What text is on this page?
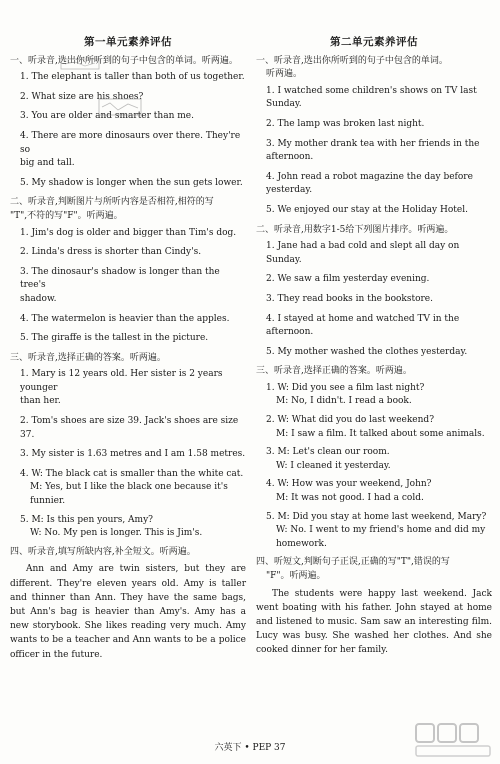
第一单元素养评估
一、听录音,选出你所听到的句子中包含的单词。听两遍。
1. The elephant is taller than both of us together.
2. What size are his shoes?
3. You are older and smarter than me.
4. There are more dinosaurs over there. They're so
big and tall.
5. My shadow is longer when the sun gets lower.
二、听录音,判断图片与所听内容是否相符,相符的写
"T",不符的写"F"。听两遍。
1. Jim's dog is older and bigger than Tim's dog.
2. Linda's dress is shorter than Cindy's.
3. The dinosaur's shadow is longer than the tree's
shadow.
4. The watermelon is heavier than the apples.
5. The giraffe is the tallest in the picture.
三、听录音,选择正确的答案。听两遍。
1. Mary is 12 years old. Her sister is 2 years younger
than her.
2. Tom's shoes are size 39. Jack's shoes are size 37.
3. My sister is 1.63 metres and I am 1.58 metres.
4. W: The black cat is smaller than the white cat.
M: Yes, but I like the black one because it's funnier.
5. M: Is this pen yours, Amy?
W: No. My pen is longer. This is Jim's.
四、听录音,填写所缺内容,补全短文。听两遍。
Ann and Amy are twin sisters, but they are different. They're eleven years old. Amy is taller and thinner than Ann. They have the same bags, but Ann's bag is heavier than Amy's. Amy has a new storybook. She likes reading very much. Amy wants to be a teacher and Ann wants to be a police officer in the future.
第二单元素养评估
一、听录音,选出你所听到的句子中包含的单词。
听两遍。
1. I watched some children's shows on TV last Sunday.
2. The lamp was broken last night.
3. My mother drank tea with her friends in the
afternoon.
4. John read a robot magazine the day before yesterday.
5. We enjoyed our stay at the Holiday Hotel.
二、听录音,用数字1-5给下列图片排序。听两遍。
1. Jane had a bad cold and slept all day on Sunday.
2. We saw a film yesterday evening.
3. They read books in the bookstore.
4. I stayed at home and watched TV in the afternoon.
5. My mother washed the clothes yesterday.
三、听录音,选择正确的答案。听两遍。
1. W: Did you see a film last night?
M: No, I didn't. I read a book.
2. W: What did you do last weekend?
M: I saw a film. It talked about some animals.
3. M: Let's clean our room.
W: I cleaned it yesterday.
4. W: How was your weekend, John?
M: It was not good. I had a cold.
5. M: Did you stay at home last weekend, Mary?
W: No. I went to my friend's home and did my
homework.
四、听短文,判断句子正误,正确的写"T",错误的写
"F"。听两遍。
The students were happy last weekend. Jack went boating with his father. John stayed at home and listened to music. Sam saw an interesting film. Lucy was busy. She washed her clothes. And she cooked dinner for her family.
六英下 • PEP 37
